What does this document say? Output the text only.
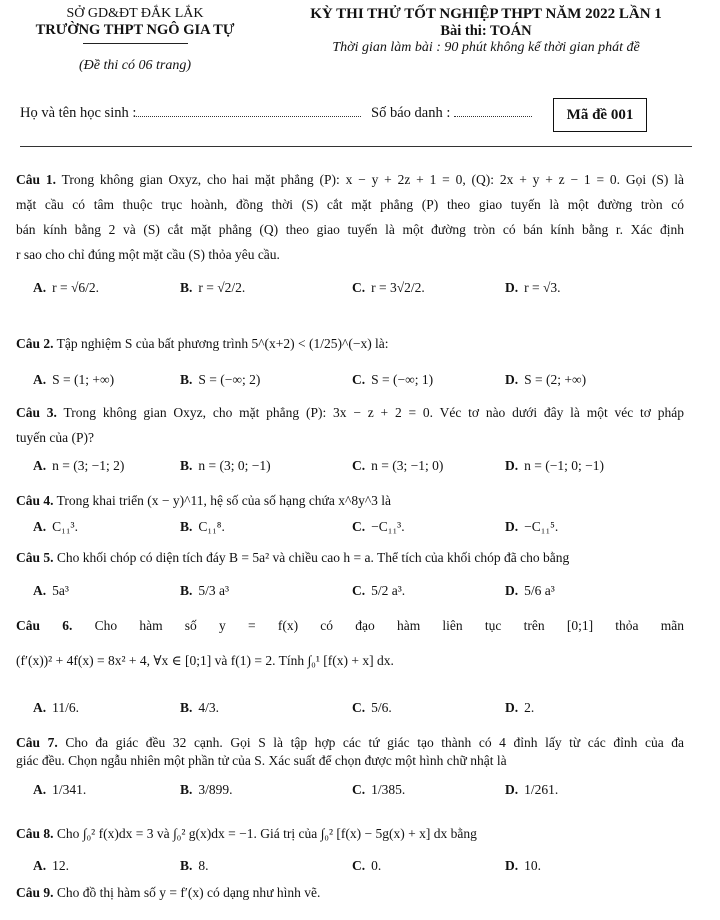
SỞ GD&ĐT ĐẮK LẮK
TRƯỜNG THPT NGÔ GIA TỰ
(Đề thi có 06 trang)
KỲ THI THỬ TỐT NGHIỆP THPT NĂM 2022 LẦN 1
Bài thi: TOÁN
Thời gian làm bài : 90 phút không kể thời gian phát đề
Họ và tên học sinh :	Số báo danh :	Mã đề 001
Câu 1. Trong không gian Oxyz, cho hai mặt phẳng (P): x − y + 2z + 1 = 0, (Q): 2x + y + z − 1 = 0. Gọi (S) là
mặt cầu có tâm thuộc trục hoành, đồng thời (S) cắt mặt phẳng (P) theo giao tuyến là một đường tròn có
bán kính bằng 2 và (S) cắt mặt phẳng (Q) theo giao tuyến là một đường tròn có bán kính bằng r. Xác định
r sao cho chỉ đúng một mặt cầu (S) thỏa yêu cầu.
A. r = √6/2.	B. r = √2/2.	C. r = 3√2/2.	D. r = √3.
Câu 2. Tập nghiệm S của bất phương trình 5^(x+2) < (1/25)^(−x) là:
A. S = (1; +∞)	B. S = (−∞; 2)	C. S = (−∞; 1)	D. S = (2; +∞)
Câu 3. Trong không gian Oxyz, cho mặt phẳng (P): 3x − z + 2 = 0. Véc tơ nào dưới đây là một véc tơ pháp
tuyến của (P)?
A. n = (3; −1; 2)	B. n = (3; 0; −1)	C. n = (3; −1; 0)	D. n = (−1; 0; −1)
Câu 4. Trong khai triển (x − y)^11, hệ số của số hạng chứa x^8y^3 là
A. C₁₁³.	B. C₁₁⁸.	C. −C₁₁³.	D. −C₁₁⁵.
Câu 5. Cho khối chóp có diện tích đáy B = 5a² và chiều cao h = a. Thể tích của khối chóp đã cho bằng
A. 5a³	B. 5/3 a³	C. 5/2 a³.	D. 5/6 a³
Câu 6. Cho hàm số y = f(x) có đạo hàm liên tục trên [0;1] thỏa mãn
(f′(x))² + 4f(x) = 8x² + 4, ∀x ∈ [0;1] và f(1) = 2. Tính ∫₀¹ [f(x) + x] dx.
A. 11/6.	B. 4/3.	C. 5/6.	D. 2.
Câu 7. Cho đa giác đều 32 cạnh. Gọi S là tập hợp các tứ giác tạo thành có 4 đỉnh lấy từ các đỉnh của đa
giác đều. Chọn ngẫu nhiên một phần tử của S. Xác suất để chọn được một hình chữ nhật là
A. 1/341.	B. 3/899.	C. 1/385.	D. 1/261.
Câu 8. Cho ∫₀² f(x)dx = 3 và ∫₀² g(x)dx = −1. Giá trị của ∫₀² [f(x) − 5g(x) + x] dx bằng
A. 12.	B. 8.	C. 0.	D. 10.
Câu 9. Cho đồ thị hàm số y = f′(x) có dạng như hình vẽ.
